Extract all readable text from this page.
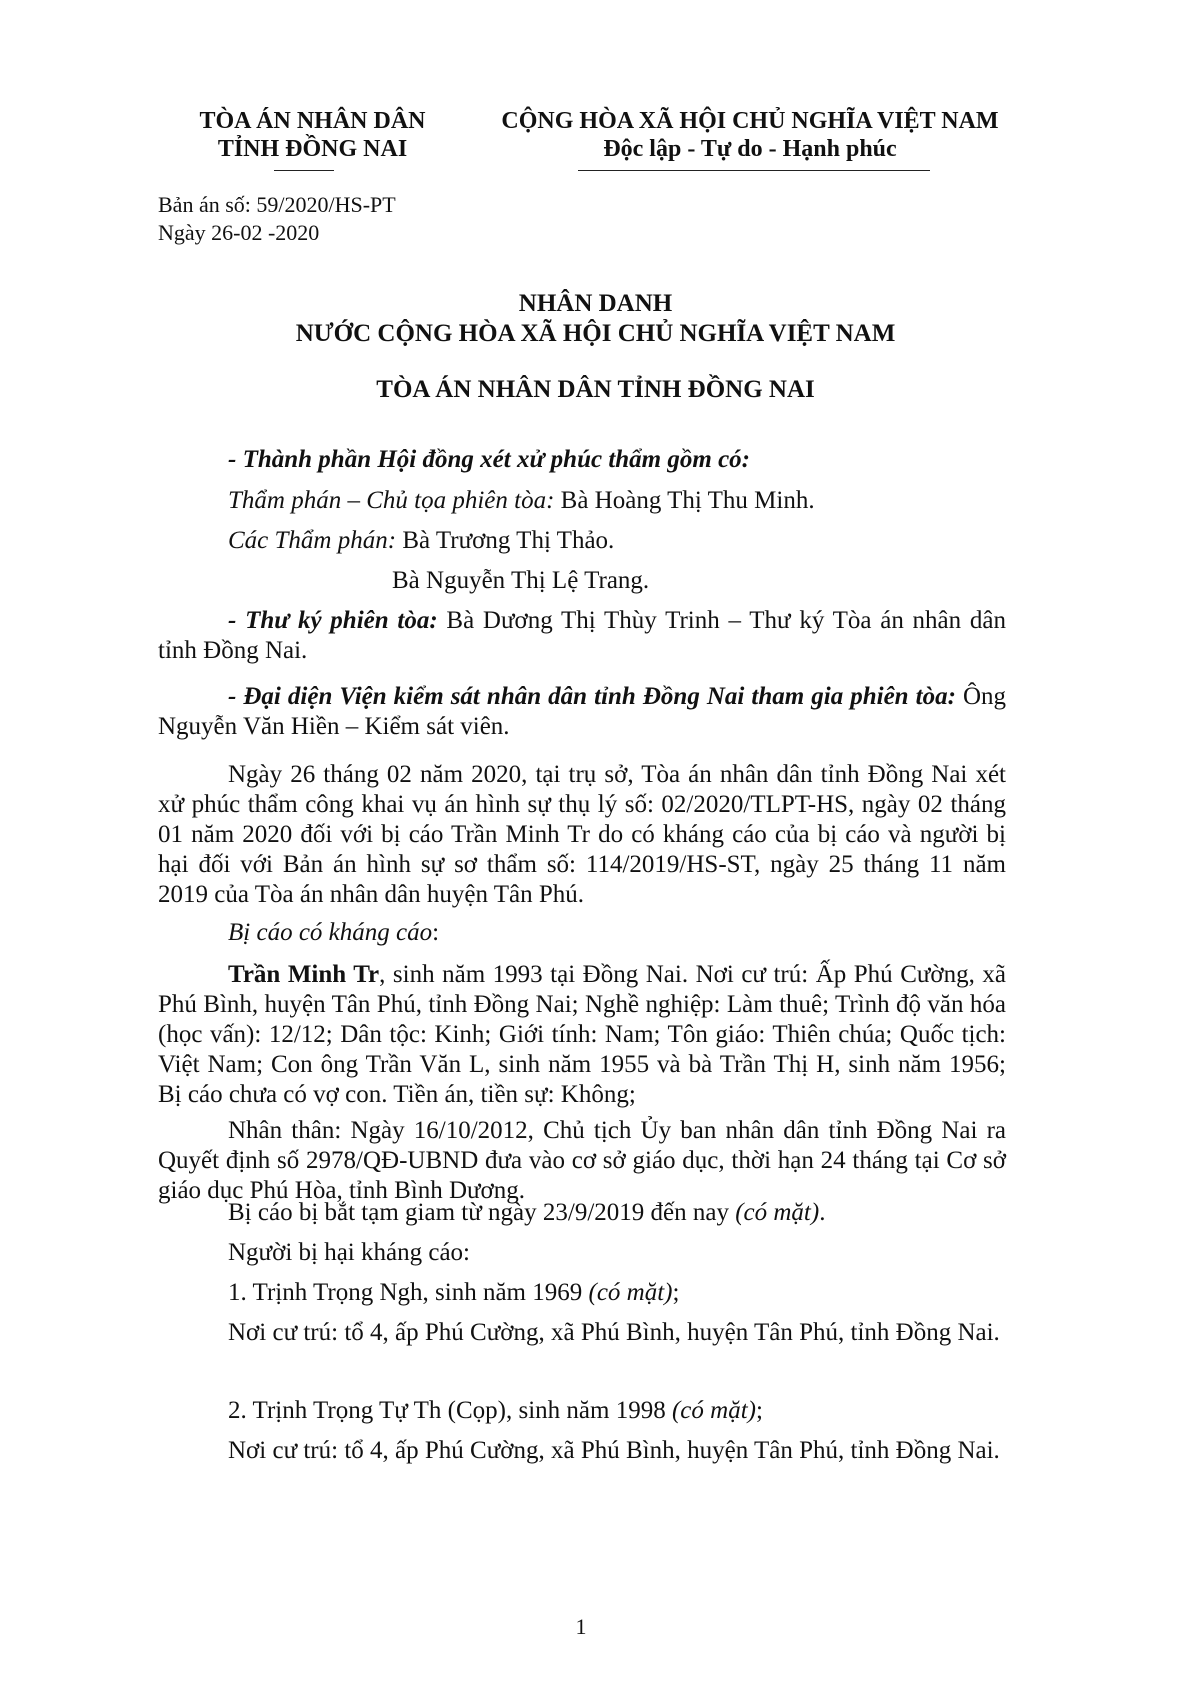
TÒA ÁN NHÂN DÂN
TỈNH ĐỒNG NAI
CỘNG HÒA XÃ HỘI CHỦ NGHĨA VIỆT NAM
Độc lập - Tự do - Hạnh phúc
Bản án số: 59/2020/HS-PT
Ngày 26-02 -2020
NHÂN DANH
NƯỚC CỘNG HÒA XÃ HỘI CHỦ NGHĨA VIỆT NAM
TÒA ÁN NHÂN DÂN TỈNH ĐỒNG NAI
- Thành phần Hội đồng xét xử phúc thẩm gồm có:
Thẩm phán – Chủ tọa phiên tòa: Bà Hoàng Thị Thu Minh.
Các Thẩm phán: Bà Trương Thị Thảo.
Bà Nguyễn Thị Lệ Trang.
- Thư ký phiên tòa: Bà Dương Thị Thùy Trinh – Thư ký Tòa án nhân dân tỉnh Đồng Nai.
- Đại diện Viện kiểm sát nhân dân tỉnh Đồng Nai tham gia phiên tòa: Ông Nguyễn Văn Hiền – Kiểm sát viên.
Ngày 26 tháng 02 năm 2020, tại trụ sở, Tòa án nhân dân tỉnh Đồng Nai xét xử phúc thẩm công khai vụ án hình sự thụ lý số: 02/2020/TLPT-HS, ngày 02 tháng 01 năm 2020 đối với bị cáo Trần Minh Tr do có kháng cáo của bị cáo và người bị hại đối với Bản án hình sự sơ thẩm số: 114/2019/HS-ST, ngày 25 tháng 11 năm 2019 của Tòa án nhân dân huyện Tân Phú.
Bị cáo có kháng cáo:
Trần Minh Tr, sinh năm 1993 tại Đồng Nai. Nơi cư trú: Ấp Phú Cường, xã Phú Bình, huyện Tân Phú, tỉnh Đồng Nai; Nghề nghiệp: Làm thuê; Trình độ văn hóa (học vấn): 12/12; Dân tộc: Kinh; Giới tính: Nam; Tôn giáo: Thiên chúa; Quốc tịch: Việt Nam; Con ông Trần Văn L, sinh năm 1955 và bà Trần Thị H, sinh năm 1956; Bị cáo chưa có vợ con. Tiền án, tiền sự: Không;
Nhân thân: Ngày 16/10/2012, Chủ tịch Ủy ban nhân dân tỉnh Đồng Nai ra Quyết định số 2978/QĐ-UBND đưa vào cơ sở giáo dục, thời hạn 24 tháng tại Cơ sở giáo dục Phú Hòa, tỉnh Bình Dương.
Bị cáo bị bắt tạm giam từ ngày 23/9/2019 đến nay (có mặt).
Người bị hại kháng cáo:
1. Trịnh Trọng Ngh, sinh năm 1969 (có mặt);
Nơi cư trú: tổ 4, ấp Phú Cường, xã Phú Bình, huyện Tân Phú, tỉnh Đồng Nai.
2. Trịnh Trọng Tự Th (Cọp), sinh năm 1998 (có mặt);
Nơi cư trú: tổ 4, ấp Phú Cường, xã Phú Bình, huyện Tân Phú, tỉnh Đồng Nai.
1
